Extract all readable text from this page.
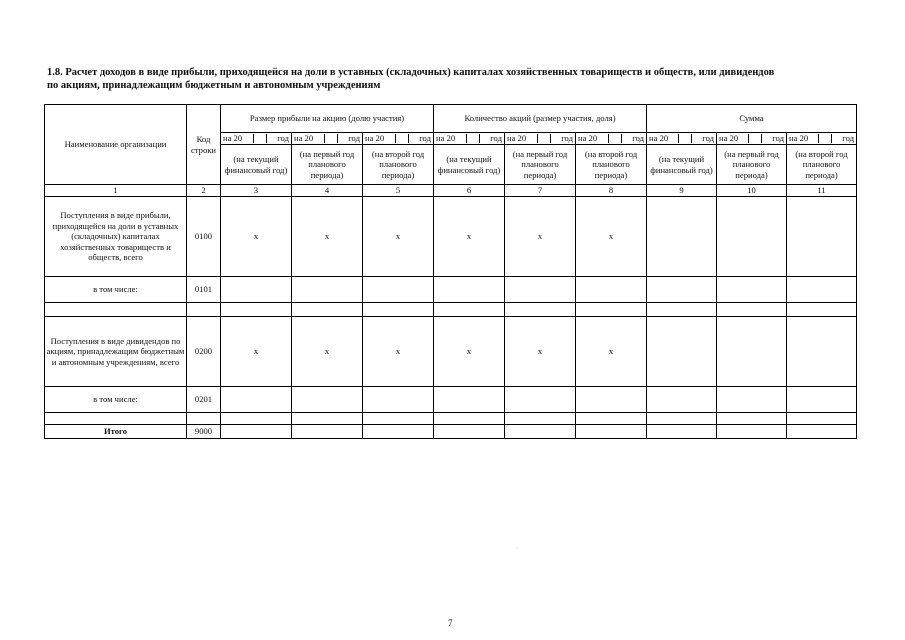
1.8. Расчет доходов в виде прибыли, приходящейся на доли в уставных (складочных) капиталах хозяйственных товариществ и обществ, или дивидендов
по акциям, принадлежащим бюджетным и автономным учреждениям
Наименование организации	Код строки	Размер прибыли на акцию (долю участия)			Количество акций (размер участия, доля)			Сумма		

		на 20 год	на 20 год	на 20 год	на 20 год	на 20 год	на 20 год	на 20 год	на 20 год	на 20 год

		(на текущий финансовый год)	(на первый год планового периода)	(на второй год планового периода)	(на текущий финансовый год)	(на первый год планового периода)	(на второй год планового периода)	(на текущий финансовый год)	(на первый год планового периода)	(на второй год планового периода)
1	2	3	4	5	6	7	8	9	10	11
Поступления в виде прибыли, приходящейся на доли в уставных (складочных) капиталах хозяйственных товариществ и обществ, всего	0100	х	х	х	х	х	х			
в том числе:	0101									

Поступления в виде дивидендов по акциям, принадлежащим бюджетным и автономным учреждениям, всего	0200	х	х	х	х	х	х			
в том числе:	0201									

Итого	9000									
·
7
